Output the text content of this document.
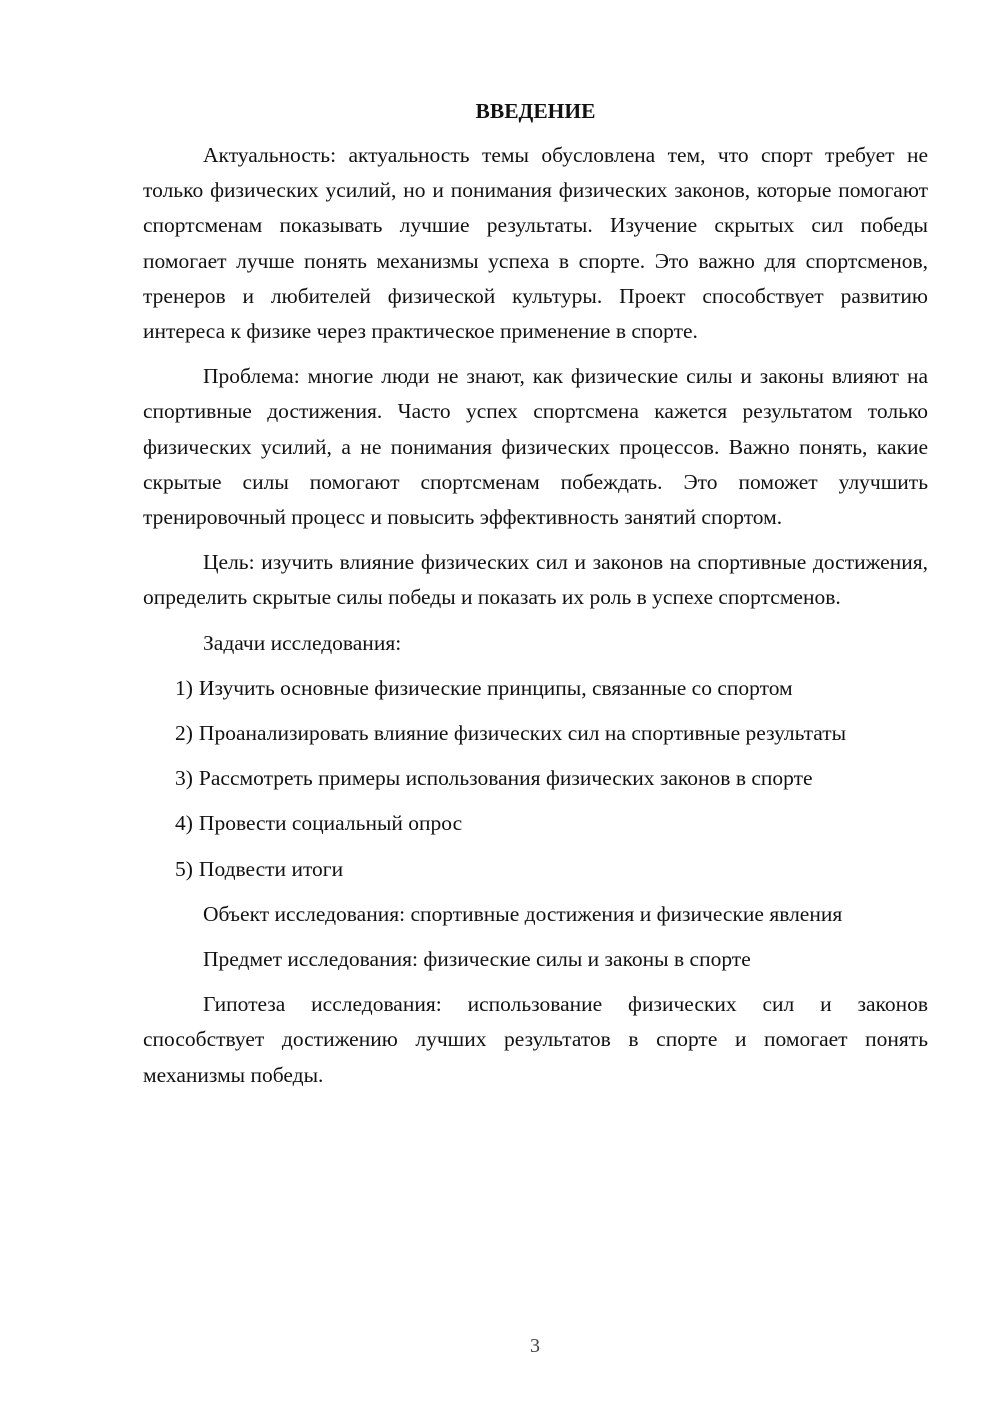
ВВЕДЕНИЕ

Актуальность: актуальность темы обусловлена тем, что спорт требует не только физических усилий, но и понимания физических законов, которые помогают спортсменам показывать лучшие результаты. Изучение скрытых сил победы помогает лучше понять механизмы успеха в спорте. Это важно для спортсменов, тренеров и любителей физической культуры. Проект способствует развитию интереса к физике через практическое применение в спорте.

Проблема: многие люди не знают, как физические силы и законы влияют на спортивные достижения. Часто успех спортсмена кажется результатом только физических усилий, а не понимания физических процессов. Важно понять, какие скрытые силы помогают спортсменам побеждать. Это поможет улучшить тренировочный процесс и повысить эффективность занятий спортом.

Цель: изучить влияние физических сил и законов на спортивные достижения, определить скрытые силы победы и показать их роль в успехе спортсменов.

Задачи исследования:

1) Изучить основные физические принципы, связанные со спортом

2) Проанализировать влияние физических сил на спортивные результаты

3) Рассмотреть примеры использования физических законов в спорте

4) Провести социальный опрос

5) Подвести итоги

Объект исследования: спортивные достижения и физические явления

Предмет исследования: физические силы и законы в спорте

Гипотеза исследования: использование физических сил и законов способствует достижению лучших результатов в спорте и помогает понять механизмы победы.

3
